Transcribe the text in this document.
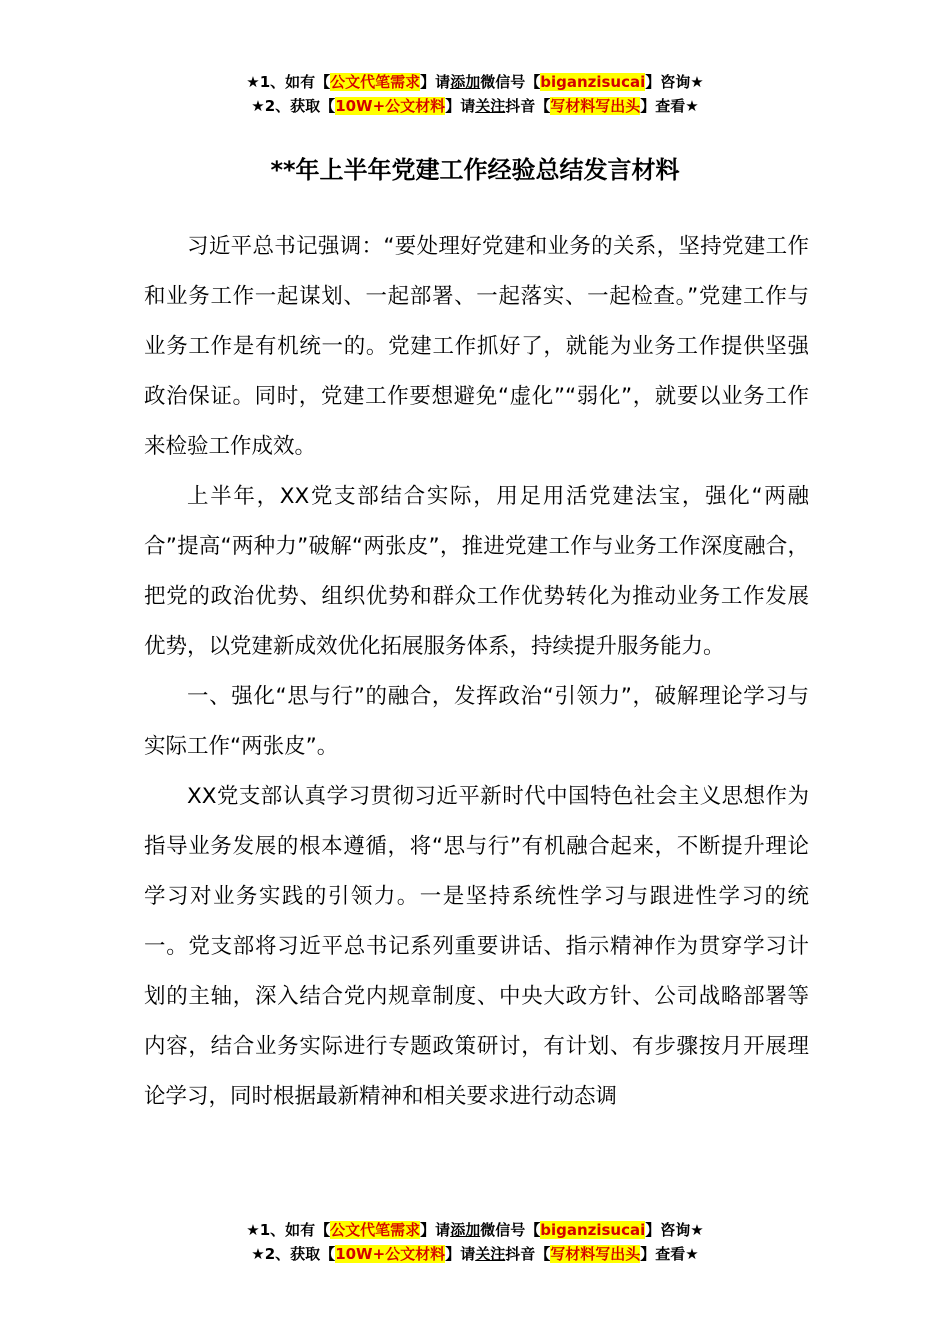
★1、如有【公文代笔需求】请添加微信号【biganzisucai】咨询★
★2、获取【10W+公文材料】请关注抖音【写材料写出头】查看★
**年上半年党建工作经验总结发言材料

习近平总书记强调：“要处理好党建和业务的关系，坚持党建工作和业务工作一起谋划、一起部署、一起落实、一起检查。”党建工作与业务工作是有机统一的。党建工作抓好了，就能为业务工作提供坚强政治保证。同时，党建工作要想避免“虚化”“弱化”，就要以业务工作来检验工作成效。

上半年，XX党支部结合实际，用足用活党建法宝，强化“两融合”提高“两种力”破解“两张皮”，推进党建工作与业务工作深度融合，把党的政治优势、组织优势和群众工作优势转化为推动业务工作发展优势，以党建新成效优化拓展服务体系，持续提升服务能力。

一、强化“思与行”的融合，发挥政治“引领力”，破解理论学习与实际工作“两张皮”。

XX党支部认真学习贯彻习近平新时代中国特色社会主义思想作为指导业务发展的根本遵循，将“思与行”有机融合起来，不断提升理论学习对业务实践的引领力。一是坚持系统性学习与跟进性学习的统一。党支部将习近平总书记系列重要讲话、指示精神作为贯穿学习计划的主轴，深入结合党内规章制度、中央大政方针、公司战略部署等内容，结合业务实际进行专题政策研讨，有计划、有步骤按月开展理论学习，同时根据最新精神和相关要求进行动态调

★1、如有【公文代笔需求】请添加微信号【biganzisucai】咨询★
★2、获取【10W+公文材料】请关注抖音【写材料写出头】查看★
